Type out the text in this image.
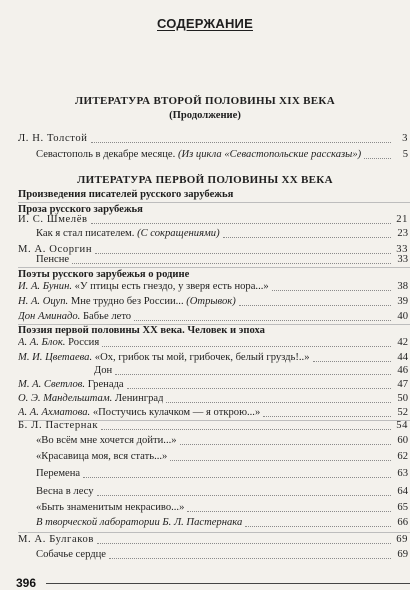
СОДЕРЖАНИЕ
ЛИТЕРАТУРА ВТОРОЙ ПОЛОВИНЫ XIX ВЕКА
(Продолжение)
Л. Н. Толстой	3
Севастополь в декабре месяце. (Из цикла «Севастопольские рассказы»)	5
ЛИТЕРАТУРА ПЕРВОЙ ПОЛОВИНЫ XX ВЕКА
Произведения писателей русского зарубежья
Проза русского зарубежья
И. С. Шмелёв	21
Как я стал писателем. (С сокращениями)	23
М. А. Осоргин	33
Пенсне	33
Поэты русского зарубежья о родине
И. А. Бунин. «У птицы есть гнездо, у зверя есть нора...»	38
Н. А. Оцуп. Мне трудно без России... (Отрывок)	39
Дон Аминадо. Бабье лето	40
Поэзия первой половины XX века. Человек и эпоха
А. А. Блок. Россия	42
М. И. Цветаева. «Ох, грибок ты мой, грибочек, белый груздь!..»	44
Дон	46
М. А. Светлов. Гренада	47
О. Э. Мандельштам. Ленинград	50
А. А. Ахматова. «Постучись кулачком — я открою...»	52
Б. Л. Пастернак	54
«Во всём мне хочется дойти...»	60
«Красавица моя, вся стать...»	62
Перемена	63
Весна в лесу	64
«Быть знаменитым некрасиво...»	65
В творческой лаборатории Б. Л. Пастернака	66
М. А. Булгаков	69
Собачье сердце	69
396
